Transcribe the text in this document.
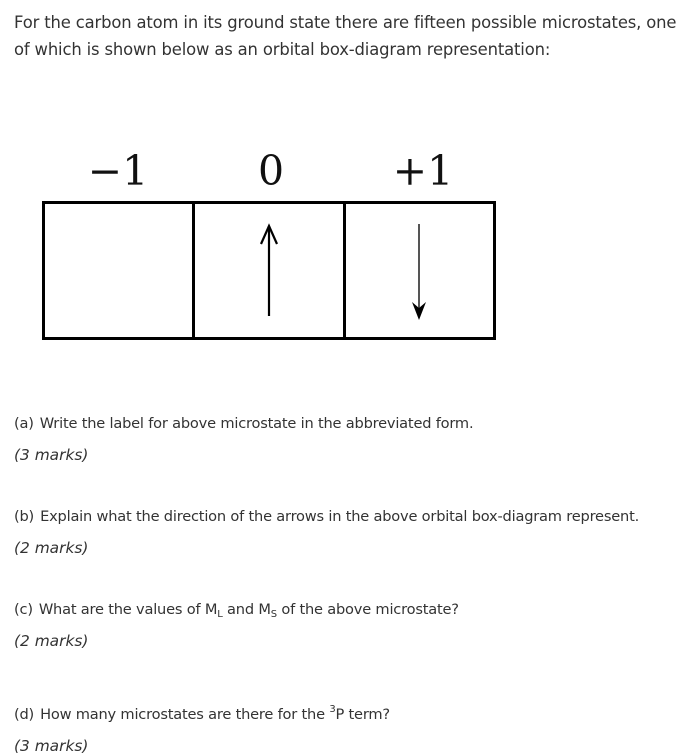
For the carbon atom in its ground state there are fifteen possible microstates, one of which is shown below as an orbital box-diagram representation:
−1	0	+1
(a) Write the label for above microstate in the abbreviated form.
(3 marks)
(b) Explain what the direction of the arrows in the above orbital box-diagram represent.
(2 marks)
(c) What are the values of $M_L$ and $M_S$ of the above microstate?
(2 marks)
(d) How many microstates are there for the $^3$P term?
(3 marks)
